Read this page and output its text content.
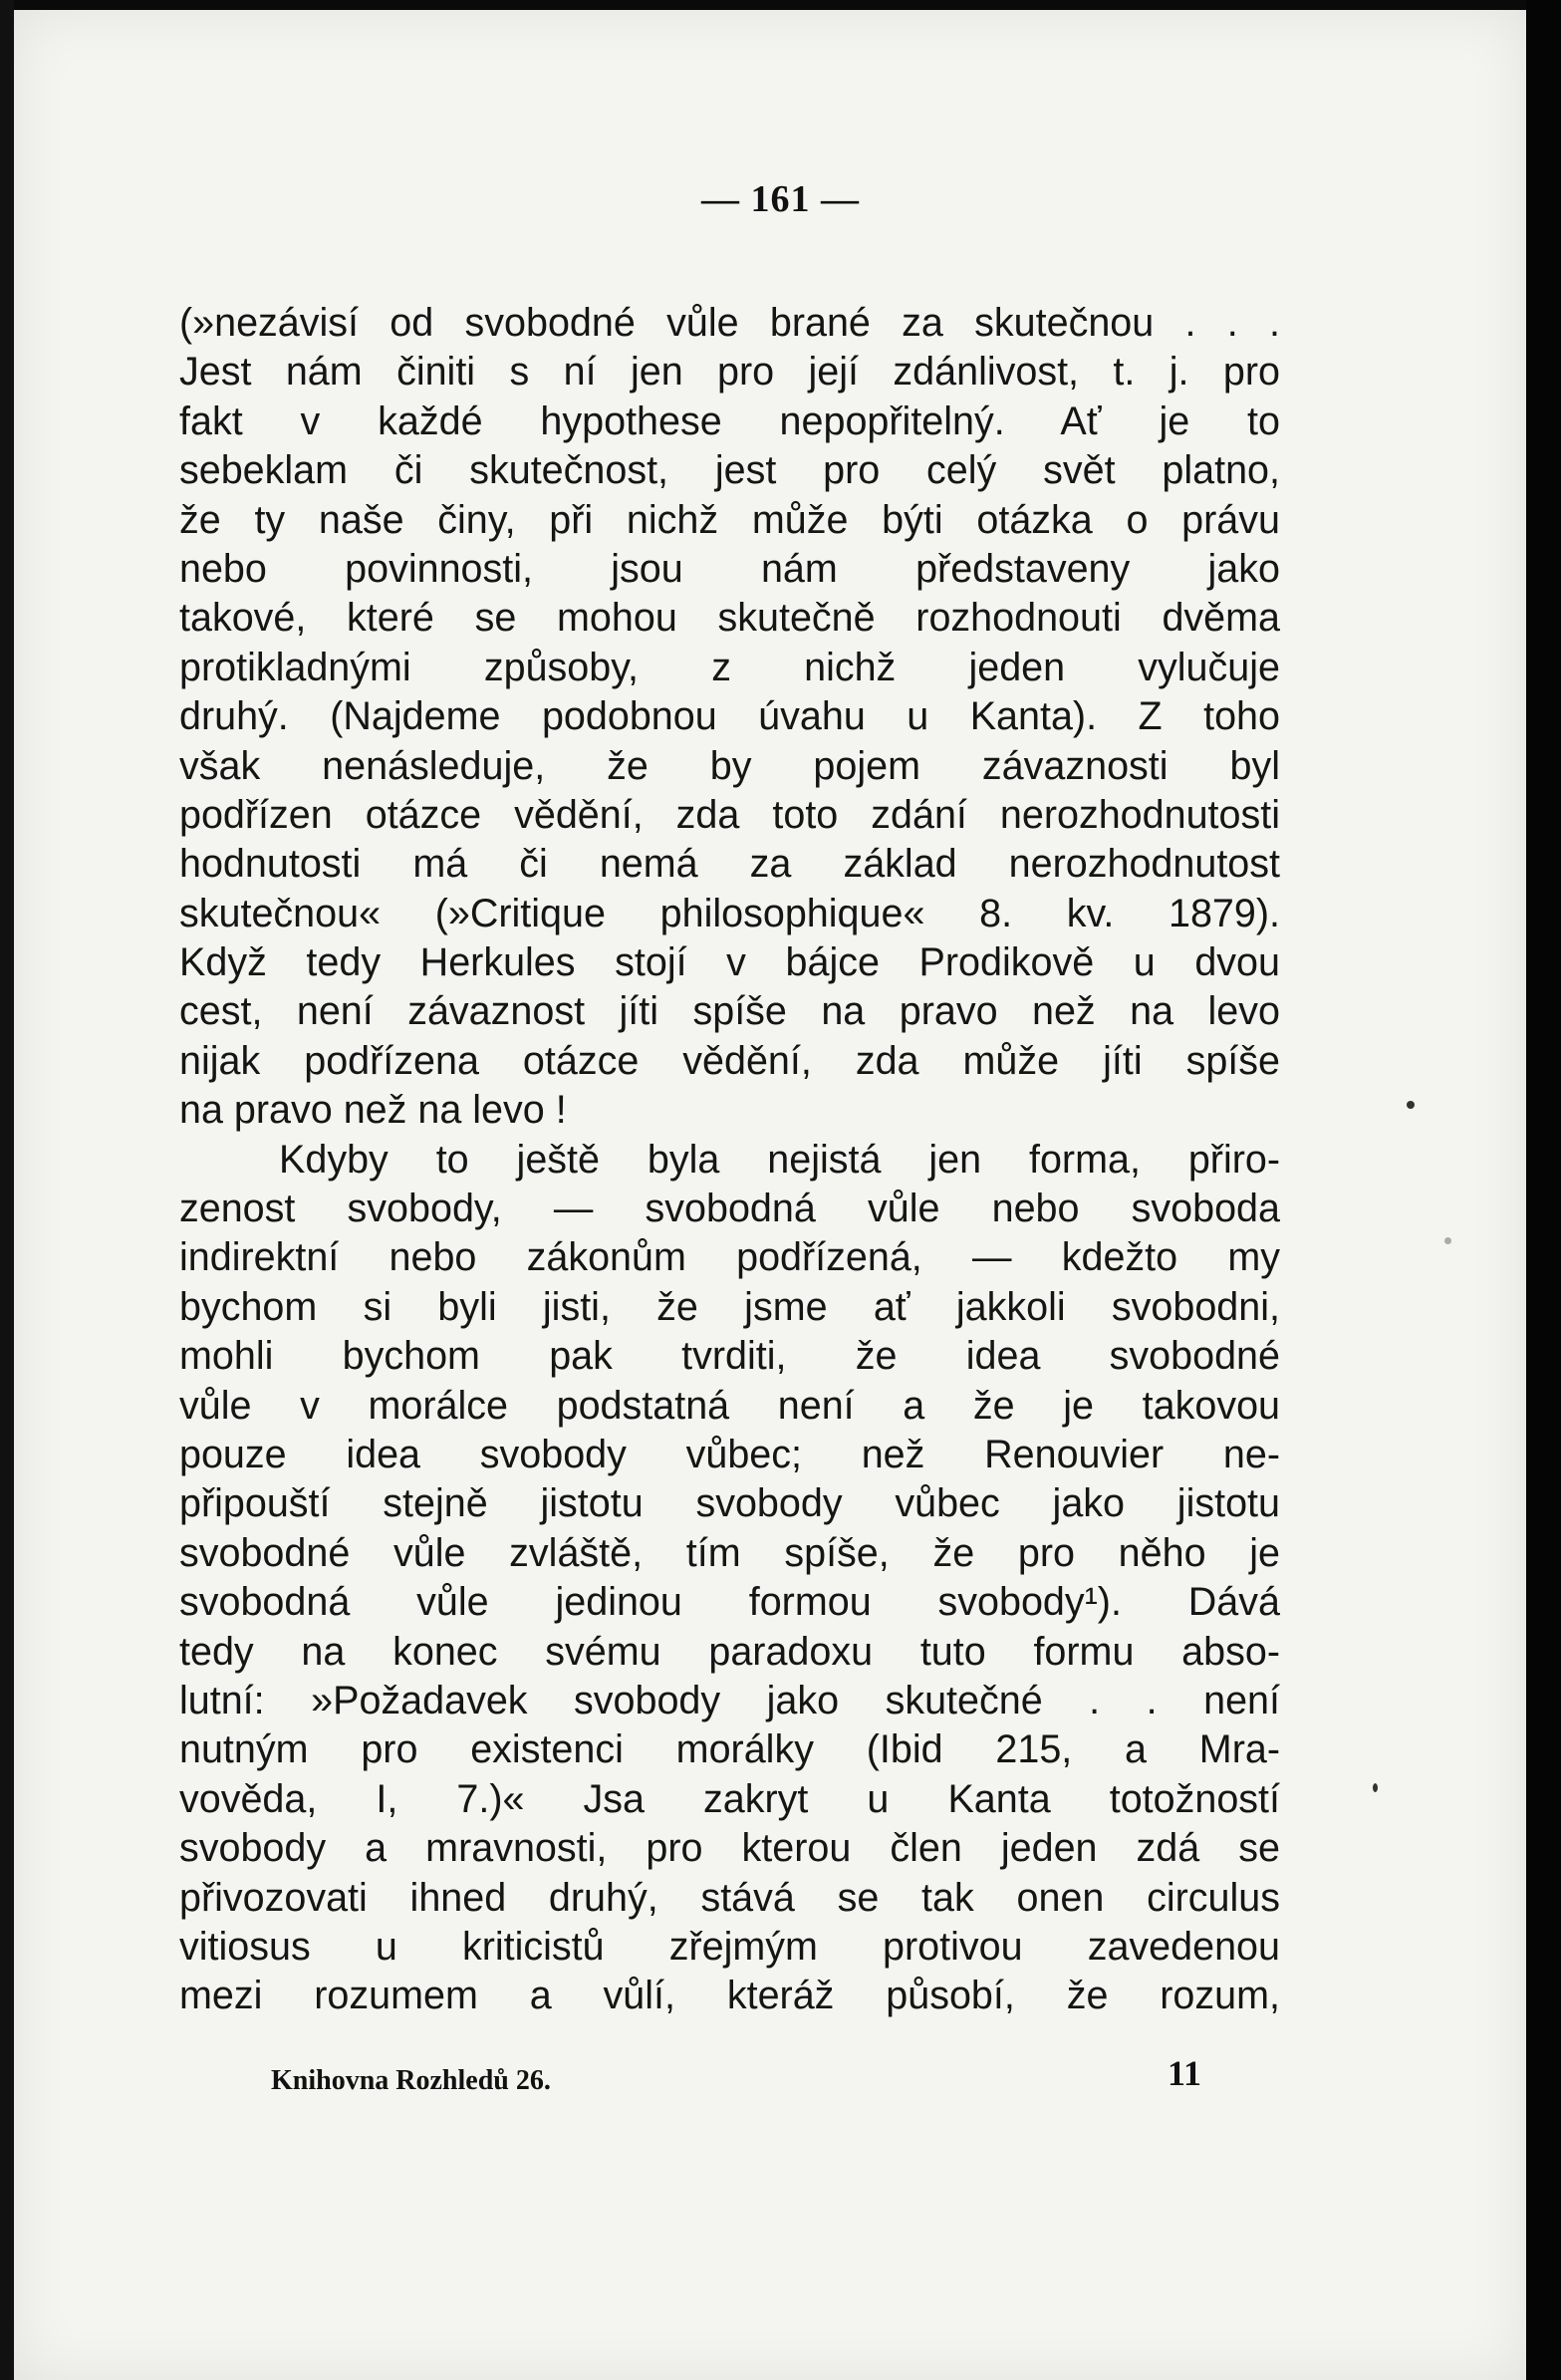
— 161 —
(»nezávisí od svobodné vůle brané za skutečnou . . .
Jest nám činiti s ní jen pro její zdánlivost, t. j. pro
fakt v každé hypothese nepopřitelný. Ať je to
sebeklam či skutečnost, jest pro celý svět platno,
že ty naše činy, při nichž může býti otázka o právu
nebo povinnosti, jsou nám představeny jako
takové, které se mohou skutečně rozhodnouti dvěma
protikladnými způsoby, z nichž jeden vylučuje
druhý. (Najdeme podobnou úvahu u Kanta). Z toho
však nenásleduje, že by pojem závaznosti byl
podřízen otázce vědění, zda toto zdání nerozhodnutosti
hodnutosti má či nemá za základ nerozhodnutost
skutečnou« (»Critique philosophique« 8. kv. 1879).
Když tedy Herkules stojí v bájce Prodikově u dvou
cest, není závaznost jíti spíše na pravo než na levo
nijak podřízena otázce vědění, zda může jíti spíše
na pravo než na levo !
Kdyby to ještě byla nejistá jen forma, přiro-
zenost svobody, — svobodná vůle nebo svoboda
indirektní nebo zákonům podřízená, — kdežto my
bychom si byli jisti, že jsme ať jakkoli svobodni,
mohli bychom pak tvrditi, že idea svobodné
vůle v morálce podstatná není a že je takovou
pouze idea svobody vůbec; než Renouvier ne-
připouští stejně jistotu svobody vůbec jako jistotu
svobodné vůle zvláště, tím spíše, že pro něho je
svobodná vůle jedinou formou svobody¹). Dává
tedy na konec svému paradoxu tuto formu abso-
lutní: »Požadavek svobody jako skutečné . . není
nutným pro existenci morálky (Ibid 215, a Mra-
vověda, I, 7.)« Jsa zakryt u Kanta totožností
svobody a mravnosti, pro kterou člen jeden zdá se
přivozovati ihned druhý, stává se tak onen circulus
vitiosus u kriticistů zřejmým protivou zavedenou
mezi rozumem a vůlí, kteráž působí, že rozum,
Knihovna Rozhledů 26.	11
